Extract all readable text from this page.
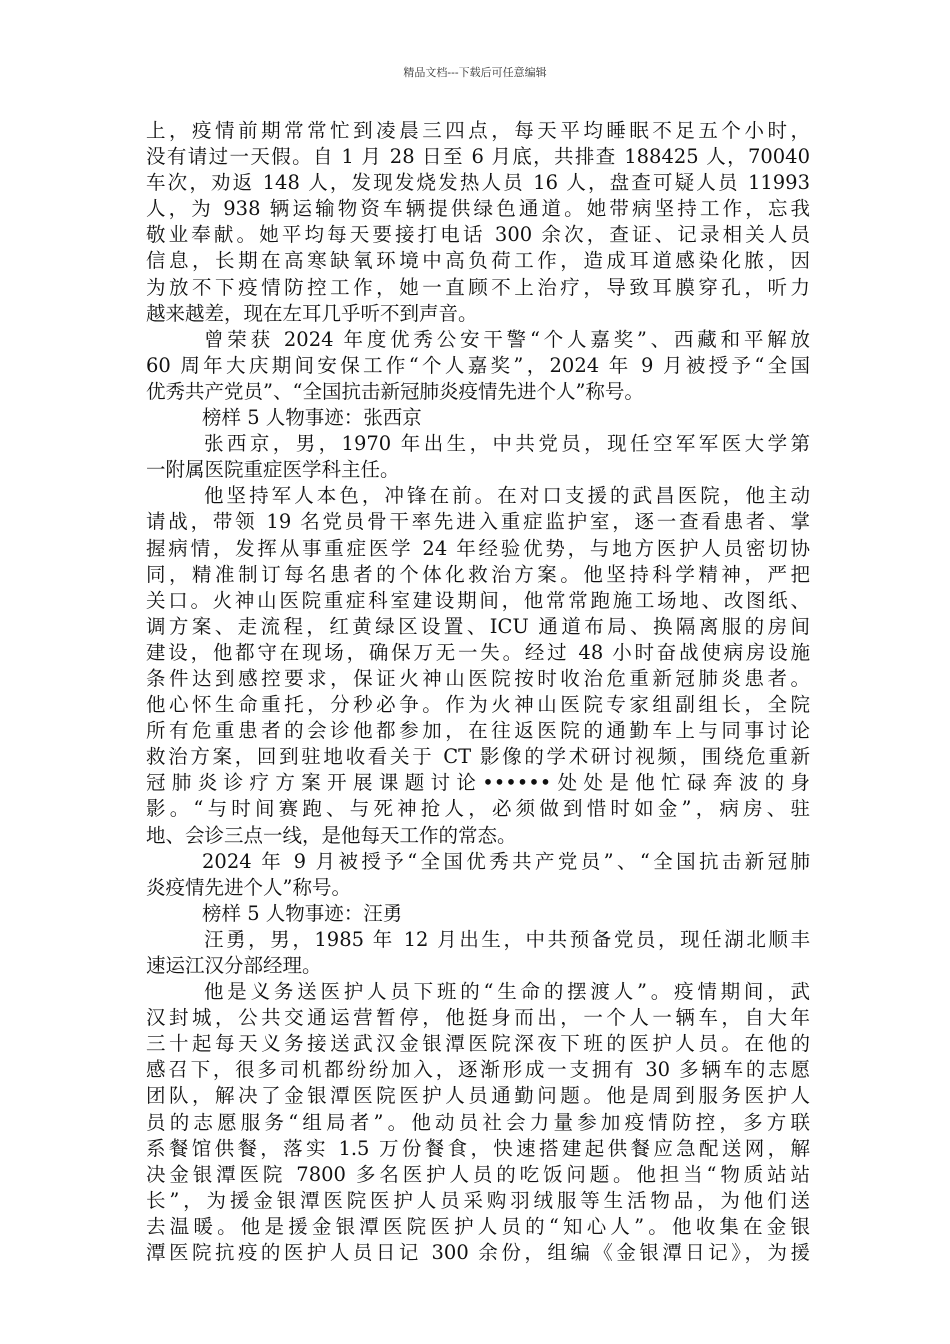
精品文档---下载后可任意编辑
上，疫情前期常常忙到凌晨三四点，每天平均睡眠不足五个小时，
没有请过一天假。自 1 月 28 日至 6 月底，共排查 188425 人，70040
车次，劝返 148 人，发现发烧发热人员 16 人，盘查可疑人员 11993
人，为 938 辆运输物资车辆提供绿色通道。她带病坚持工作，忘我
敬业奉献。她平均每天要接打电话 300 余次，查证、记录相关人员
信息，长期在高寒缺氧环境中高负荷工作，造成耳道感染化脓，因
为放不下疫情防控工作，她一直顾不上治疗，导致耳膜穿孔，听力
越来越差，现在左耳几乎听不到声音。
曾荣获 2024 年度优秀公安干警“个人嘉奖”、西藏和平解放
60 周年大庆期间安保工作“个人嘉奖”，2024 年 9 月被授予“全国
优秀共产党员”、“全国抗击新冠肺炎疫情先进个人”称号。
榜样 5 人物事迹：张西京
张西京，男，1970 年出生，中共党员，现任空军军医大学第
一附属医院重症医学科主任。
他坚持军人本色，冲锋在前。在对口支援的武昌医院，他主动
请战，带领 19 名党员骨干率先进入重症监护室，逐一查看患者、掌
握病情，发挥从事重症医学 24 年经验优势，与地方医护人员密切协
同，精准制订每名患者的个体化救治方案。他坚持科学精神，严把
关口。火神山医院重症科室建设期间，他常常跑施工场地、改图纸、
调方案、走流程，红黄绿区设置、ICU 通道布局、换隔离服的房间
建设，他都守在现场，确保万无一失。经过 48 小时奋战使病房设施
条件达到感控要求，保证火神山医院按时收治危重新冠肺炎患者。
他心怀生命重托，分秒必争。作为火神山医院专家组副组长，全院
所有危重患者的会诊他都参加，在往返医院的通勤车上与同事讨论
救治方案，回到驻地收看关于 CT 影像的学术研讨视频，围绕危重新
冠肺炎诊疗方案开展课题讨论••••••处处是他忙碌奔波的身
影。“与时间赛跑、与死神抢人，必须做到惜时如金”，病房、驻
地、会诊三点一线，是他每天工作的常态。
2024 年 9 月被授予“全国优秀共产党员”、“全国抗击新冠肺
炎疫情先进个人”称号。
榜样 5 人物事迹：汪勇
汪勇，男，1985 年 12 月出生，中共预备党员，现任湖北顺丰
速运江汉分部经理。
他是义务送医护人员下班的“生命的摆渡人”。疫情期间，武
汉封城，公共交通运营暂停，他挺身而出，一个人一辆车，自大年
三十起每天义务接送武汉金银潭医院深夜下班的医护人员。在他的
感召下，很多司机都纷纷加入，逐渐形成一支拥有 30 多辆车的志愿
团队，解决了金银潭医院医护人员通勤问题。他是周到服务医护人
员的志愿服务“组局者”。他动员社会力量参加疫情防控，多方联
系餐馆供餐，落实 1.5 万份餐食，快速搭建起供餐应急配送网，解
决金银潭医院 7800 多名医护人员的吃饭问题。他担当“物质站站
长”，为援金银潭医院医护人员采购羽绒服等生活物品，为他们送
去温暖。他是援金银潭医院医护人员的“知心人”。他收集在金银
潭医院抗疫的医护人员日记 300 余份，组编《金银潭日记》，为援
